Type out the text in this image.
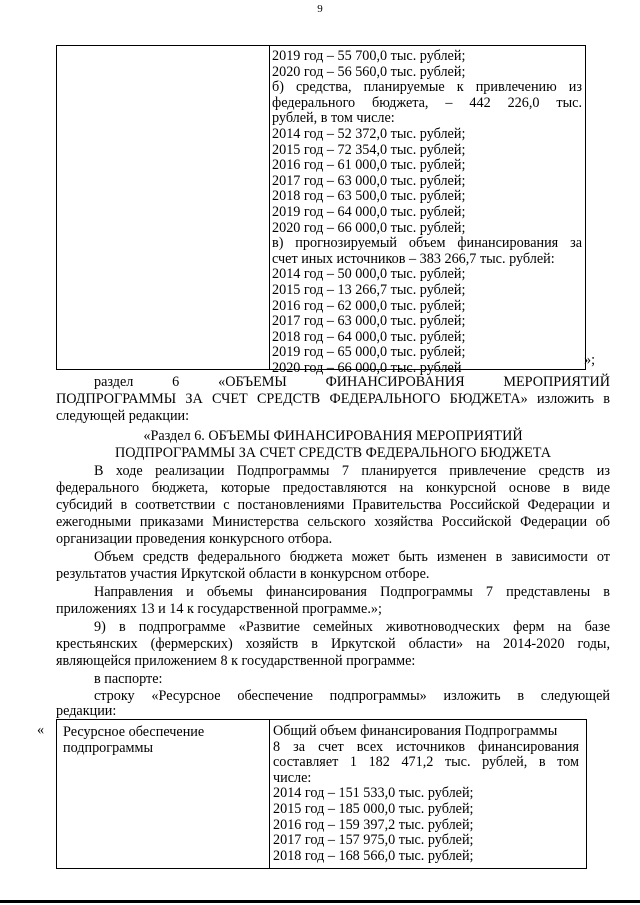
9
2019 год – 55 700,0 тыс. рублей;
2020 год – 56 560,0 тыс. рублей;
б) средства, планируемые к привлечению из
федерального бюджета, – 442 226,0 тыс.
рублей, в том числе:
2014 год – 52 372,0 тыс. рублей;
2015 год – 72 354,0 тыс. рублей;
2016 год – 61 000,0 тыс. рублей;
2017 год – 63 000,0 тыс. рублей;
2018 год – 63 500,0 тыс. рублей;
2019 год – 64 000,0 тыс. рублей;
2020 год – 66 000,0 тыс. рублей;
в) прогнозируемый объем финансирования за
счет иных источников – 383 266,7 тыс. рублей:
2014 год – 50 000,0 тыс. рублей;
2015 год – 13 266,7 тыс. рублей;
2016 год – 62 000,0 тыс. рублей;
2017 год – 63 000,0 тыс. рублей;
2018 год – 64 000,0 тыс. рублей;
2019 год – 65 000,0 тыс. рублей;
2020 год – 66 000,0 тыс. рублей	»;
раздел 6 «ОБЪЕМЫ ФИНАНСИРОВАНИЯ МЕРОПРИЯТИЙ
ПОДПРОГРАММЫ ЗА СЧЕТ СРЕДСТВ ФЕДЕРАЛЬНОГО БЮДЖЕТА» изложить в
следующей редакции:
«Раздел 6. ОБЪЕМЫ ФИНАНСИРОВАНИЯ МЕРОПРИЯТИЙ
ПОДПРОГРАММЫ ЗА СЧЕТ СРЕДСТВ ФЕДЕРАЛЬНОГО БЮДЖЕТА
В ходе реализации Подпрограммы 7 планируется привлечение средств из
федерального бюджета, которые предоставляются на конкурсной основе в виде
субсидий в соответствии с постановлениями Правительства Российской Федерации и
ежегодными приказами Министерства сельского хозяйства Российской Федерации об
организации проведения конкурсного отбора.
Объем средств федерального бюджета может быть изменен в зависимости от
результатов участия Иркутской области в конкурсном отборе.
Направления и объемы финансирования Подпрограммы 7 представлены в
приложениях 13 и 14 к государственной программе.»;
9) в подпрограмме «Развитие семейных животноводческих ферм на базе
крестьянских (фермерских) хозяйств в Иркутской области» на 2014-2020 годы,
являющейся приложением 8 к государственной программе:
в паспорте:
строку «Ресурсное обеспечение подпрограммы» изложить в следующей
редакции:
« Ресурсное обеспечение
подпрограммы
Общий объем финансирования Подпрограммы
8 за счет всех источников финансирования
составляет 1 182 471,2 тыс. рублей, в том
числе:
2014 год – 151 533,0 тыс. рублей;
2015 год – 185 000,0 тыс. рублей;
2016 год – 159 397,2 тыс. рублей;
2017 год – 157 975,0 тыс. рублей;
2018 год – 168 566,0 тыс. рублей;
